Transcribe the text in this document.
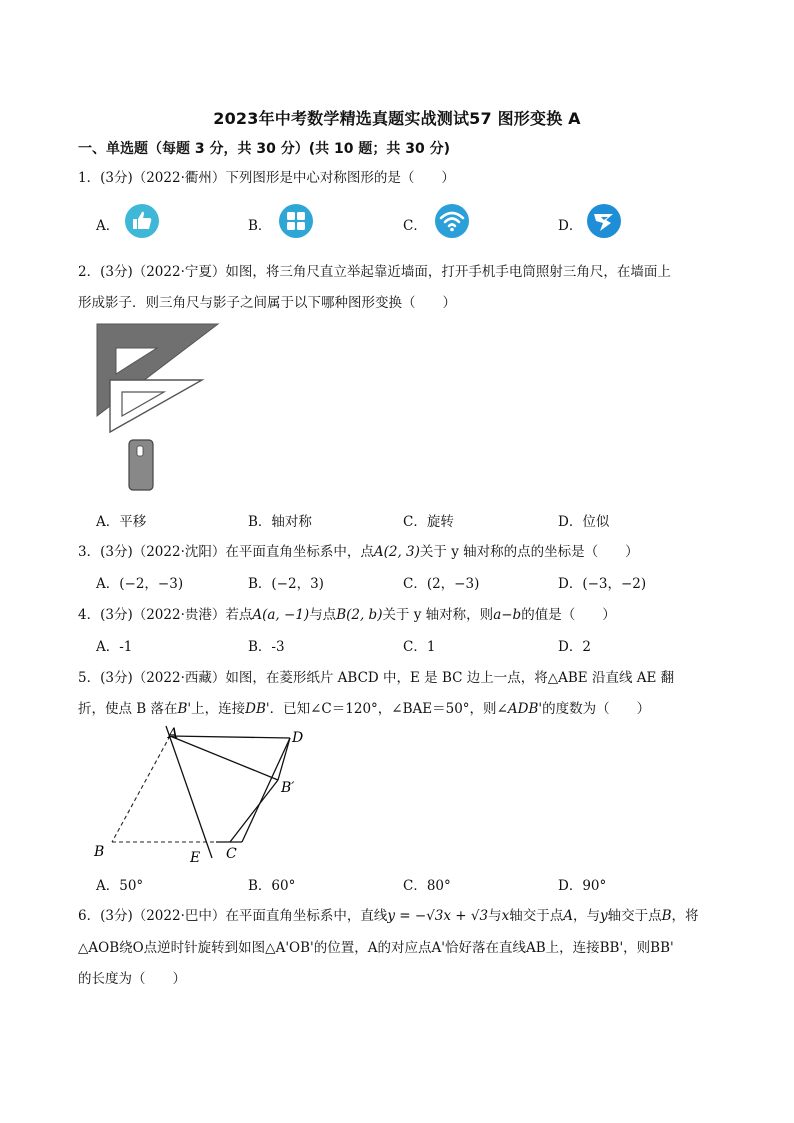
2023年中考数学精选真题实战测试57 图形变换 A
一、单选题（每题 3 分，共 30 分）(共 10 题；共 30 分)
1．(3分)（2022·衢州）下列图形是中心对称图形的是（　　）
A．	B．	C．	D．
2．(3分)（2022·宁夏）如图，将三角尺直立举起靠近墙面，打开手机手电筒照射三角尺，在墙面上
形成影子．则三角尺与影子之间属于以下哪种图形变换（　　）
A．平移	B．轴对称	C．旋转	D．位似
3．(3分)（2022·沈阳）在平面直角坐标系中，点A(2, 3)关于 y 轴对称的点的坐标是（　　）
A．(−2，−3)	B．(−2，3)	C．(2，−3)	D．(−3，−2)
4．(3分)（2022·贵港）若点A(a, −1)与点B(2, b)关于 y 轴对称，则a−b的值是（　　）
A．-1	B．-3	C．1	D．2
5．(3分)（2022·西藏）如图，在菱形纸片 ABCD 中，E 是 BC 边上一点，将△ABE 沿直线 AE 翻
折，使点 B 落在B'上，连接DB'．已知∠C＝120°，∠BAE＝50°，则∠ADB'的度数为（　　）
A	D
B′
B	E C
A．50°	B．60°	C．80°	D．90°
6．(3分)（2022·巴中）在平面直角坐标系中，直线y = −√3x + √3与x轴交于点A，与y轴交于点B，将
△AOB绕O点逆时针旋转到如图△A'OB'的位置，A的对应点A'恰好落在直线AB上，连接BB'，则BB'
的长度为（　　）
